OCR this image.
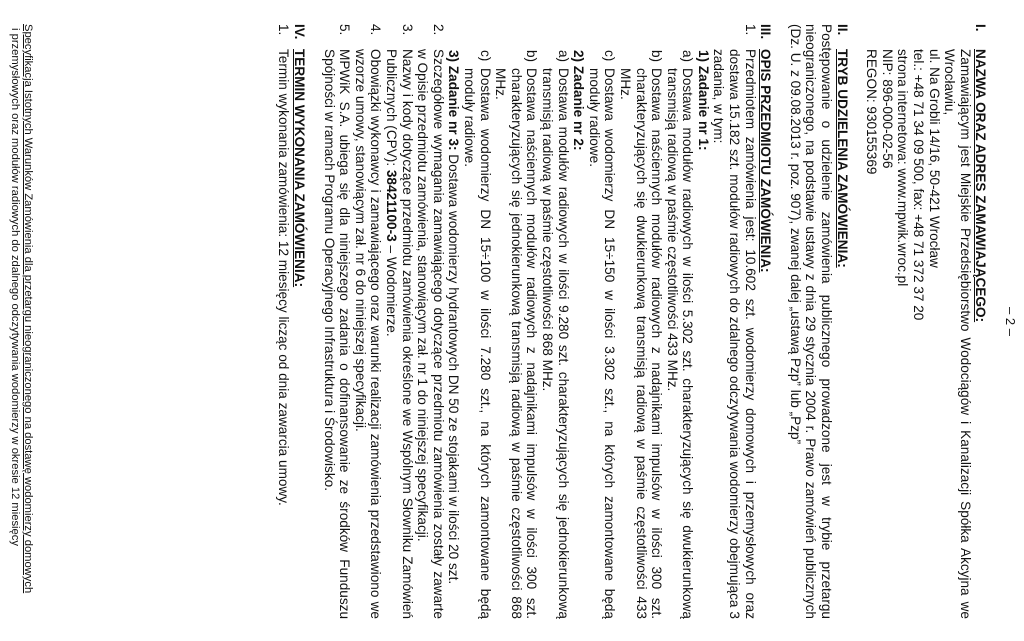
– 2 –
I.NAZWA ORAZ ADRES ZAMAWIAJĄCEGO:
Zamawiającym jest Miejskie Przedsiębiorstwo Wodociągów i Kanalizacji Spółka Akcyjna we Wrocławiu,
ul. Na Grobli 14/16, 50-421 Wrocław
tel.: +48 71 34 09 500, fax: +48 71 372 37 20
strona internetowa: www.mpwik.wroc.pl
NIP: 896-000-02-56
REGON: 930155369
II.TRYB UDZIELENIA ZAMÓWIENIA:
Postępowanie o udzielenie zamówienia publicznego prowadzone jest w trybie przetargu nieograniczonego, na podstawie ustawy z dnia 29 stycznia 2004 r. Prawo zamówień publicznych (Dz. U. z 09.08.2013 r. poz. 907), zwanej dalej „ustawą Pzp” lub „Pzp”
III.OPIS PRZEDMIOTU ZAMÓWIENIA:
1.
Przedmiotem zamówienia jest: 10.602 szt. wodomierzy domowych i przemysłowych oraz dostawa 15.182 szt. modułów radiowych do zdalnego odczytywania wodomierzy obejmująca 3 zadania, w tym:
1) Zadanie nr 1:
a)
Dostawa modułów radiowych w ilości 5.302 szt. charakteryzujących się dwukierunkową transmisją radiową w paśmie częstotliwości 433 MHz.
b)
Dostawa naściennych modułów radiowych z nadajnikami impulsów w ilości 300 szt. charakteryzujących się dwukierunkową transmisją radiową w paśmie częstotliwości 433 MHz.
c)
Dostawa wodomierzy DN 15÷150 w ilości 3.302 szt., na których zamontowane będą moduły radiowe.
2) Zadanie nr 2:
a)
Dostawa modułów radiowych w ilości 9.280 szt. charakteryzujących się jednokierunkową transmisją radiową w paśmie częstotliwości 868 MHz.
b)
Dostawa naściennych modułów radiowych z nadajnikami impulsów w ilości 300 szt. charakteryzujących się jednokierunkową transmisją radiową w paśmie częstotliwości 868 MHz.
c)
Dostawa wodomierzy DN 15÷100 w ilości 7.280 szt., na których zamontowane będą moduły radiowe.
3) Zadanie nr 3: Dostawa wodomierzy hydrantowych DN 50 ze stojakami w ilości 20 szt.
2.
Szczegółowe wymagania zamawiającego dotyczące przedmiotu zamówienia zostały zawarte w Opisie przedmiotu zamówienia, stanowiącym zał. nr 1 do niniejszej specyfikacji.
3.
Nazwy i kody dotyczące przedmiotu zamówienia określone we Wspólnym Słowniku Zamówień Publicznych (CPV): 38421100-3 – Wodomierze.
4.
Obowiązki wykonawcy i zamawiającego oraz warunki realizacji zamówienia przedstawiono we wzorze umowy, stanowiącym zał. nr 6 do niniejszej specyfikacji.
5.
MPWiK S.A. ubiega się dla niniejszego zadania o dofinansowanie ze środków Funduszu Spójności w ramach Programu Operacyjnego Infrastruktura i Środowisko.
IV.TERMIN WYKONANIA ZAMÓWIENIA:
1.
Termin wykonania zamówienia: 12 miesięcy licząc od dnia zawarcia umowy.
Specyfikacja Istotnych Warunków Zamówienia dla przetargu nieograniczonego na dostawę wodomierzy domowych
i przemysłowych oraz modułów radiowych do zdalnego odczytywania wodomierzy w okresie 12 miesięcy
